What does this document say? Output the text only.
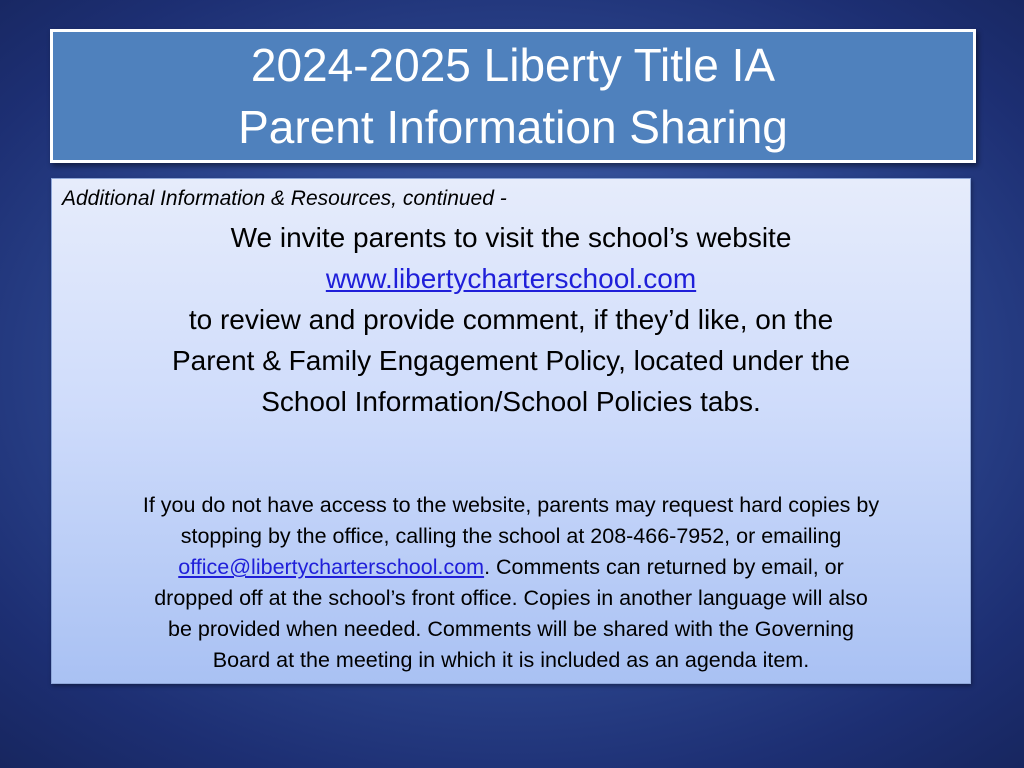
2024-2025 Liberty Title IA
Parent Information Sharing
Additional Information & Resources, continued -
We invite parents to visit the school’s website
www.libertycharterschool.com
to review and provide comment, if they’d like, on the
Parent & Family Engagement Policy, located under the
School Information/School Policies tabs.
If you do not have access to the website, parents may request hard copies by
stopping by the office, calling the school at 208-466-7952, or emailing
office@libertycharterschool.com. Comments can returned by email, or
dropped off at the school’s front office. Copies in another language will also
be provided when needed. Comments will be shared with the Governing
Board at the meeting in which it is included as an agenda item.
